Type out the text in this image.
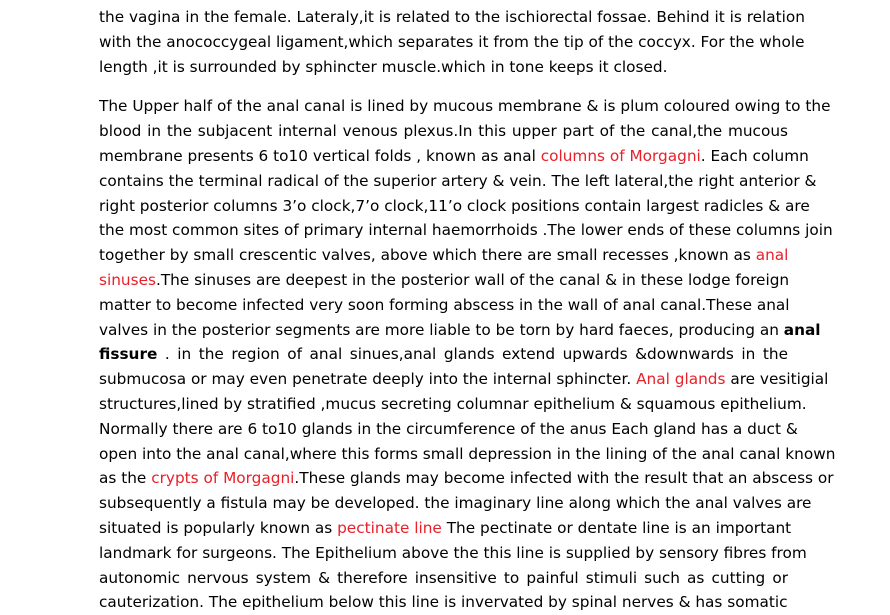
the vagina in the female. Lateraly,it is related to the ischiorectal fossae. Behind it is relation
with the anococcygeal ligament,which separates it from the tip of the coccyx. For the whole
length ,it is surrounded by sphincter muscle.which in tone keeps it closed.

The Upper half of the anal canal is lined by mucous membrane & is plum coloured owing to the
blood in the subjacent internal venous plexus.In this upper part of the canal,the mucous
membrane presents 6 to10 vertical folds , known as anal columns of Morgagni. Each column
contains the terminal radical of the superior artery & vein. The left lateral,the right anterior &
right posterior columns 3’o clock,7’o clock,11’o clock positions contain largest radicles & are
the most common sites of primary internal haemorrhoids .The lower ends of these columns join
together by small crescentic valves, above which there are small recesses ,known as anal
sinuses.The sinuses are deepest in the posterior wall of the canal & in these lodge foreign
matter to become infected very soon forming abscess in the wall of anal canal.These anal
valves in the posterior segments are more liable to be torn by hard faeces, producing an anal
fissure . in the region of anal sinues,anal glands extend upwards &downwards in the
submucosa or may even penetrate deeply into the internal sphincter. Anal glands are vesitigial
structures,lined by stratified ,mucus secreting columnar epithelium & squamous epithelium.
Normally there are 6 to10 glands in the circumference of the anus Each gland has a duct &
open into the anal canal,where this forms small depression in the lining of the anal canal known
as the crypts of Morgagni.These glands may become infected with the result that an abscess or
subsequently a fistula may be developed. the imaginary line along which the anal valves are
situated is popularly known as pectinate line The pectinate or dentate line is an important
landmark for surgeons. The Epithelium above the this line is supplied by sensory fibres from
autonomic nervous system & therefore insensitive to painful stimuli such as cutting or
cauterization. The epithelium below this line is invervated by spinal nerves & has somatic
